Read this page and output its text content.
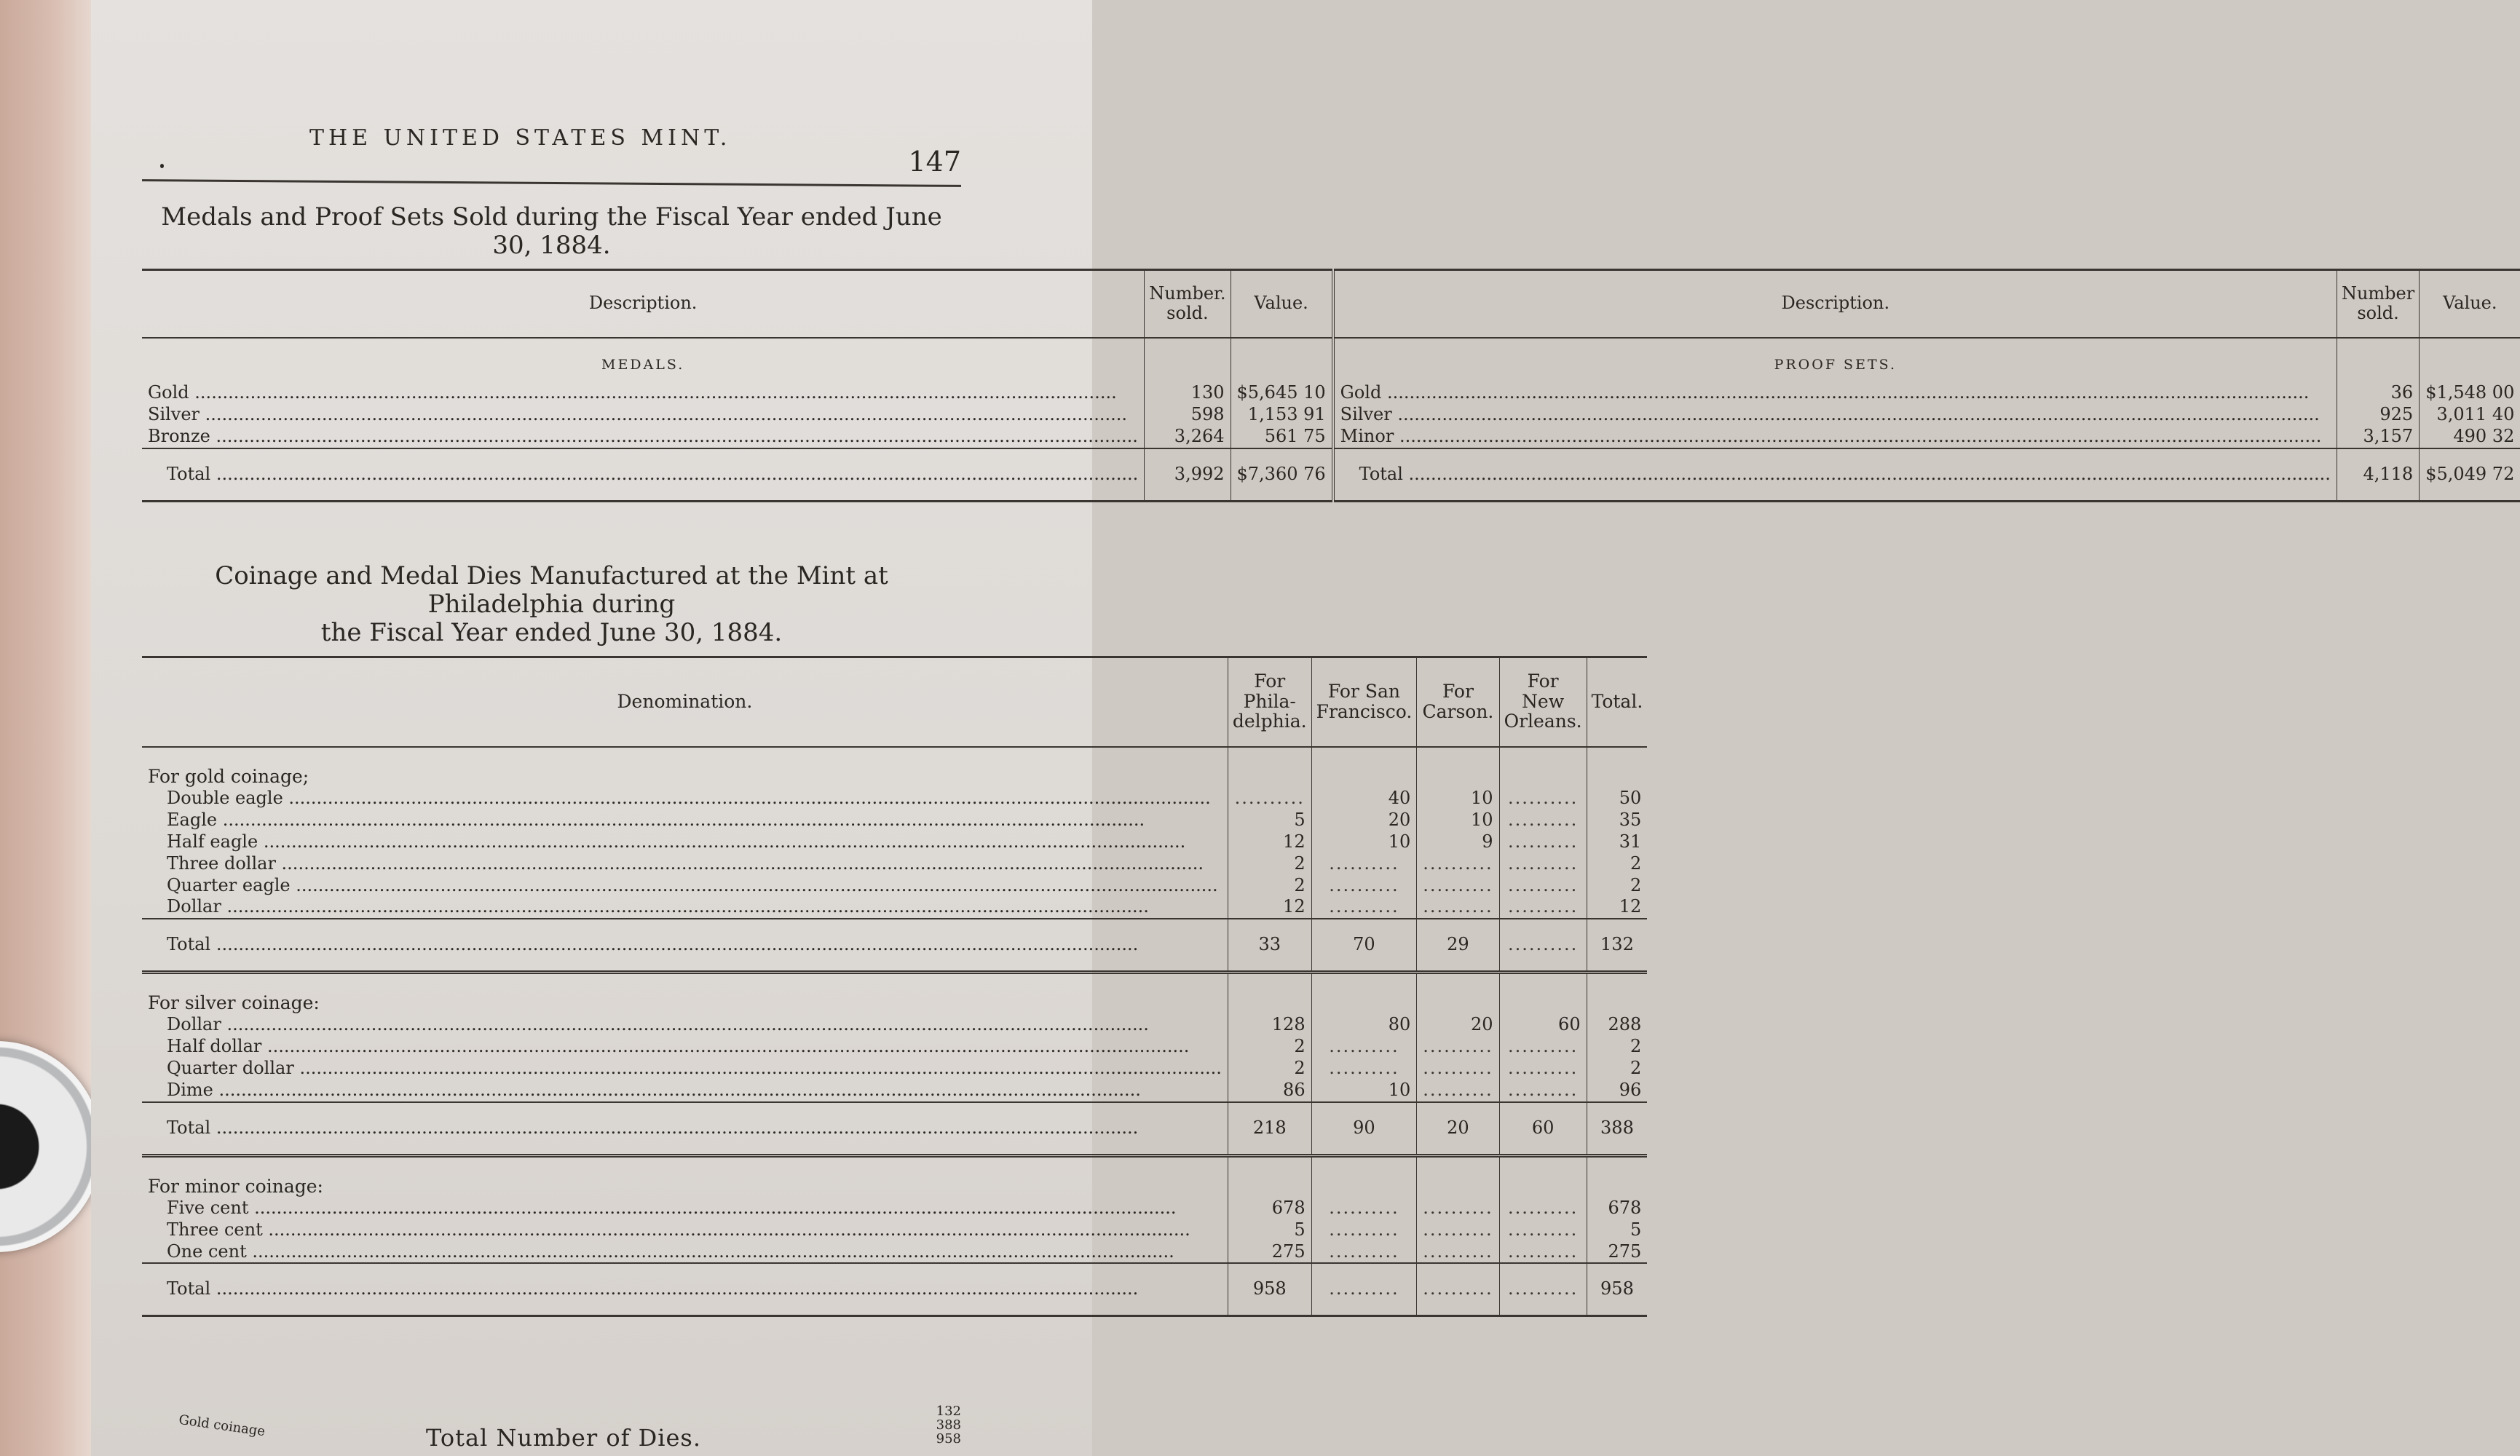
THE UNITED STATES MINT.
147
Medals and Proof Sets Sold during the Fiscal Year ended June 30, 1884.
Description.	Number. sold.	Value.	Description.	Number sold.	Value.
MEDALS.			PROOF SETS.		
Gold .....	130	$5,645 10	Gold .....	36	$1,548 00
Silver .....	598	1,153 91	Silver .....	925	3,011 40
Bronze .....	3,264	561 75	Minor .....	3,157	490 32
Total .....	3,992	$7,360 76	Total .....	4,118	$5,049 72
Coinage and Medal Dies Manufactured at the Mint at Philadelphia during
the Fiscal Year ended June 30, 1884.
Denomination.	For Phila- delphia.	For San Francisco.	For Carson.	For New Orleans.	Total.
For gold coinage;					
Double eagle .....	..........	40	10	..........	50
Eagle .....	5	20	10	..........	35
Half eagle .....	12	10	9	..........	31
Three dollar .....	2	..........	..........	..........	2
Quarter eagle .....	2	..........	..........	..........	2
Dollar .....	12	..........	..........	..........	12
Total .....	33	70	29	..........	132
For silver coinage:					
Dollar .....	128	80	20	60	288
Half dollar .....	2	..........	..........	..........	2
Quarter dollar .....	2	..........	..........	..........	2
Dime .....	86	10	..........	..........	96
Total .....	218	90	20	60	388
For minor coinage:					
Five cent .....	678	..........	..........	..........	678
Three cent .....	5	..........	..........	..........	5
One cent .....	275	..........	..........	..........	275
Total .....	958	..........	..........	..........	958
Gold coinage	Total Number of Dies.
132
388
958
